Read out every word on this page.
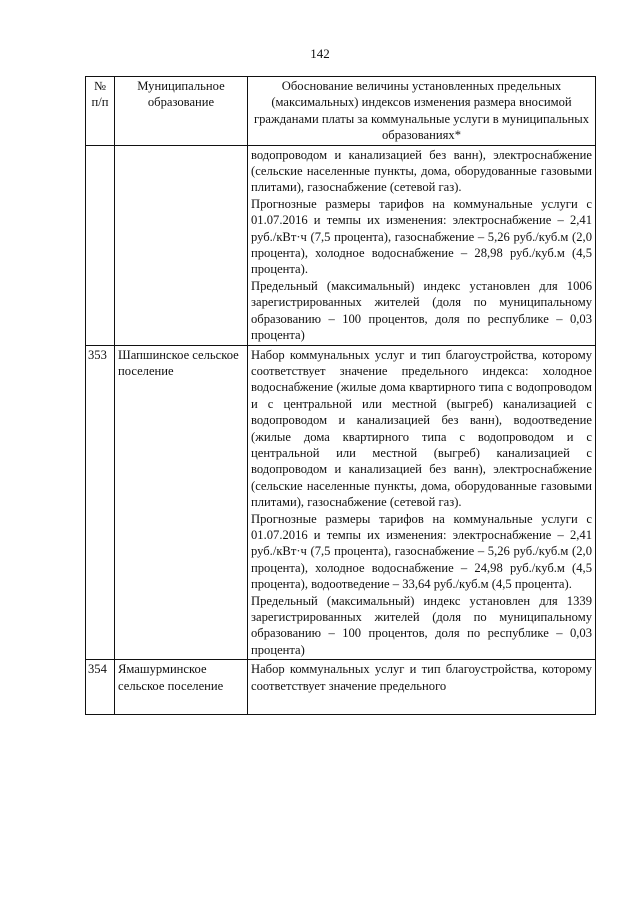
142
№ п/п	Муниципальное образование	Обоснование величины установленных предельных (максимальных) индексов изменения размера вносимой гражданами платы за коммунальные услуги в муниципальных образованиях*

		водопроводом и канализацией без ванн), электроснабжение (сельские населенные пункты, дома, оборудованные газовыми плитами), газоснабжение (сетевой газ).

Прогнозные размеры тарифов на коммунальные услуги с 01.07.2016 и темпы их изменения: электроснабжение – 2,41 руб./кВт·ч (7,5 процента), газоснабжение – 5,26 руб./куб.м (2,0 процента), холодное водоснабжение – 28,98 руб./куб.м (4,5 процента).

Предельный (максимальный) индекс установлен для 1006 зарегистрированных жителей (доля по муниципальному образованию – 100 процентов, доля по республике – 0,03 процента)

353	Шапшинское сельское поселение	Набор коммунальных услуг и тип благоустройства, которому соответствует значение предельного индекса: холодное водоснабжение (жилые дома квартирного типа с водопроводом и с центральной или местной (выгреб) канализацией с водопроводом и канализацией без ванн), водоотведение (жилые дома квартирного типа с водопроводом и с центральной или местной (выгреб) канализацией с водопроводом и канализацией без ванн), электроснабжение (сельские населенные пункты, дома, оборудованные газовыми плитами), газоснабжение (сетевой газ).

Прогнозные размеры тарифов на коммунальные услуги с 01.07.2016 и темпы их изменения: электроснабжение – 2,41 руб./кВт·ч (7,5 процента), газоснабжение – 5,26 руб./куб.м (2,0 процента), холодное водоснабжение – 24,98 руб./куб.м (4,5 процента), водоотведение – 33,64 руб./куб.м (4,5 процента).

Предельный (максимальный) индекс установлен для 1339 зарегистрированных жителей (доля по муниципальному образованию – 100 процентов, доля по республике – 0,03 процента)

354	Ямашурминское сельское поселение	Набор коммунальных услуг и тип благоустройства, которому соответствует значение предельного
